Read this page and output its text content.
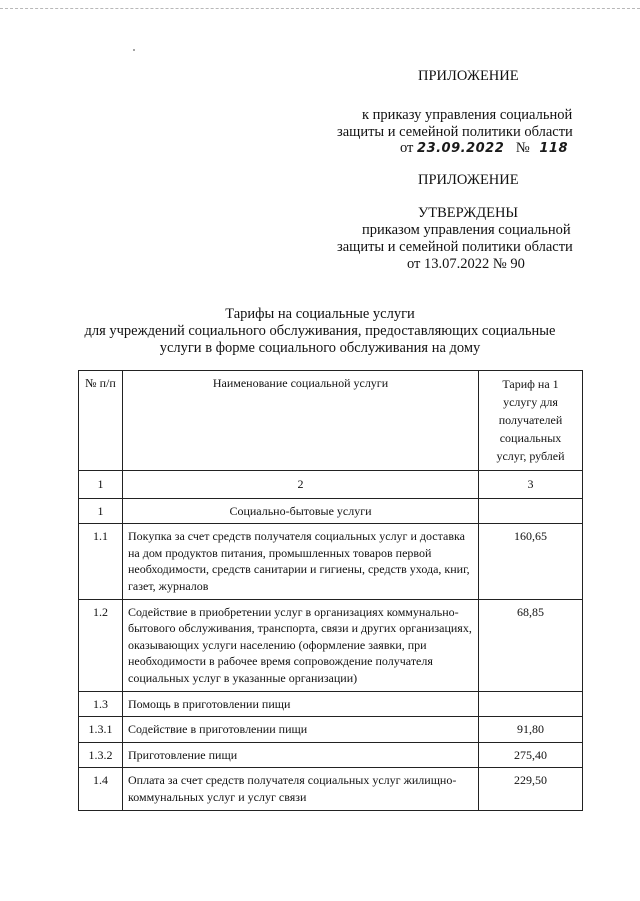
ПРИЛОЖЕНИЕ
к приказу управления социальной
защиты и семейной политики области
от 23.09.2022 № 118
ПРИЛОЖЕНИЕ
УТВЕРЖДЕНЫ
приказом управления социальной
защиты и семейной политики области
от 13.07.2022 № 90
Тарифы на социальные услуги
для учреждений социального обслуживания, предоставляющих социальные
услуги в форме социального обслуживания на дому
№ п/п	Наименование социальной услуги	Тариф на 1 услугу для получателей социальных услуг, рублей
1	2	3
1	Социально-бытовые услуги	
1.1	Покупка за счет средств получателя социальных услуг и доставка на дом продуктов питания, промышленных товаров первой необходимости, средств санитарии и гигиены, средств ухода, книг, газет, журналов	160,65
1.2	Содействие в приобретении услуг в организациях коммунально-бытового обслуживания, транспорта, связи и других организациях, оказывающих услуги населению (оформление заявки, при необходимости в рабочее время сопровождение получателя социальных услуг в указанные организации)	68,85
1.3	Помощь в приготовлении пищи	
1.3.1	Содействие в приготовлении пищи	91,80
1.3.2	Приготовление пищи	275,40
1.4	Оплата за счет средств получателя социальных услуг жилищно-коммунальных услуг и услуг связи	229,50
